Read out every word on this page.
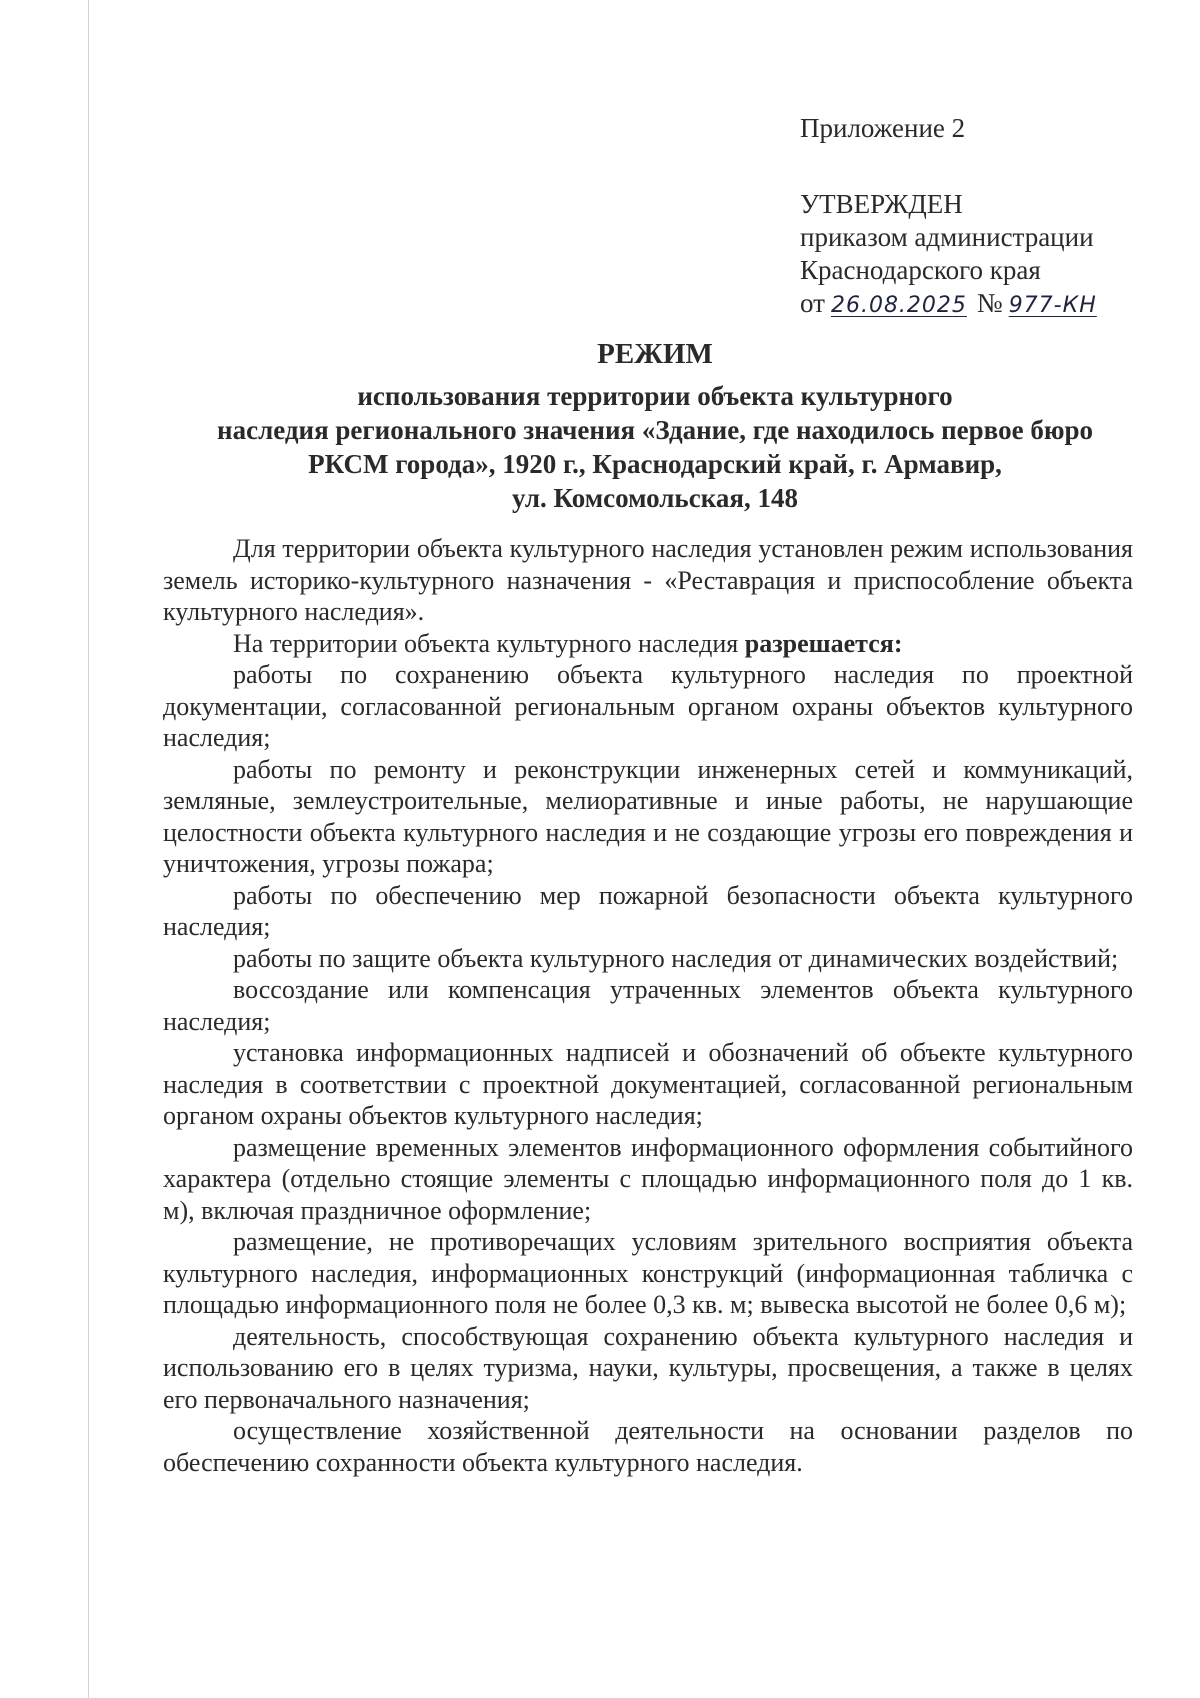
Приложение 2
УТВЕРЖДЕН
приказом администрации
Краснодарского края
от 26.08.2025 № 977-КН
РЕЖИМ
использования территории объекта культурного
наследия регионального значения «Здание, где находилось первое бюро
РКСМ города», 1920 г., Краснодарский край, г. Армавир,
ул. Комсомольская, 148

Для территории объекта культурного наследия установлен режим использования земель историко-культурного назначения - «Реставрация и приспособление объекта культурного наследия».

На территории объекта культурного наследия разрешается:

работы по сохранению объекта культурного наследия по проектной документации, согласованной региональным органом охраны объектов культурного наследия;

работы по ремонту и реконструкции инженерных сетей и коммуникаций, земляные, землеустроительные, мелиоративные и иные работы, не нарушающие целостности объекта культурного наследия и не создающие угрозы его повреждения и уничтожения, угрозы пожара;

работы по обеспечению мер пожарной безопасности объекта культурного наследия;

работы по защите объекта культурного наследия от динамических воздействий;

воссоздание или компенсация утраченных элементов объекта культурного наследия;

установка информационных надписей и обозначений об объекте культурного наследия в соответствии с проектной документацией, согласованной региональным органом охраны объектов культурного наследия;

размещение временных элементов информационного оформления событийного характера (отдельно стоящие элементы с площадью информационного поля до 1 кв. м), включая праздничное оформление;

размещение, не противоречащих условиям зрительного восприятия объекта культурного наследия, информационных конструкций (информационная табличка с площадью информационного поля не более 0,3 кв. м; вывеска высотой не более 0,6 м);

деятельность, способствующая сохранению объекта культурного наследия и использованию его в целях туризма, науки, культуры, просвещения, а также в целях его первоначального назначения;

осуществление хозяйственной деятельности на основании разделов по обеспечению сохранности объекта культурного наследия.
